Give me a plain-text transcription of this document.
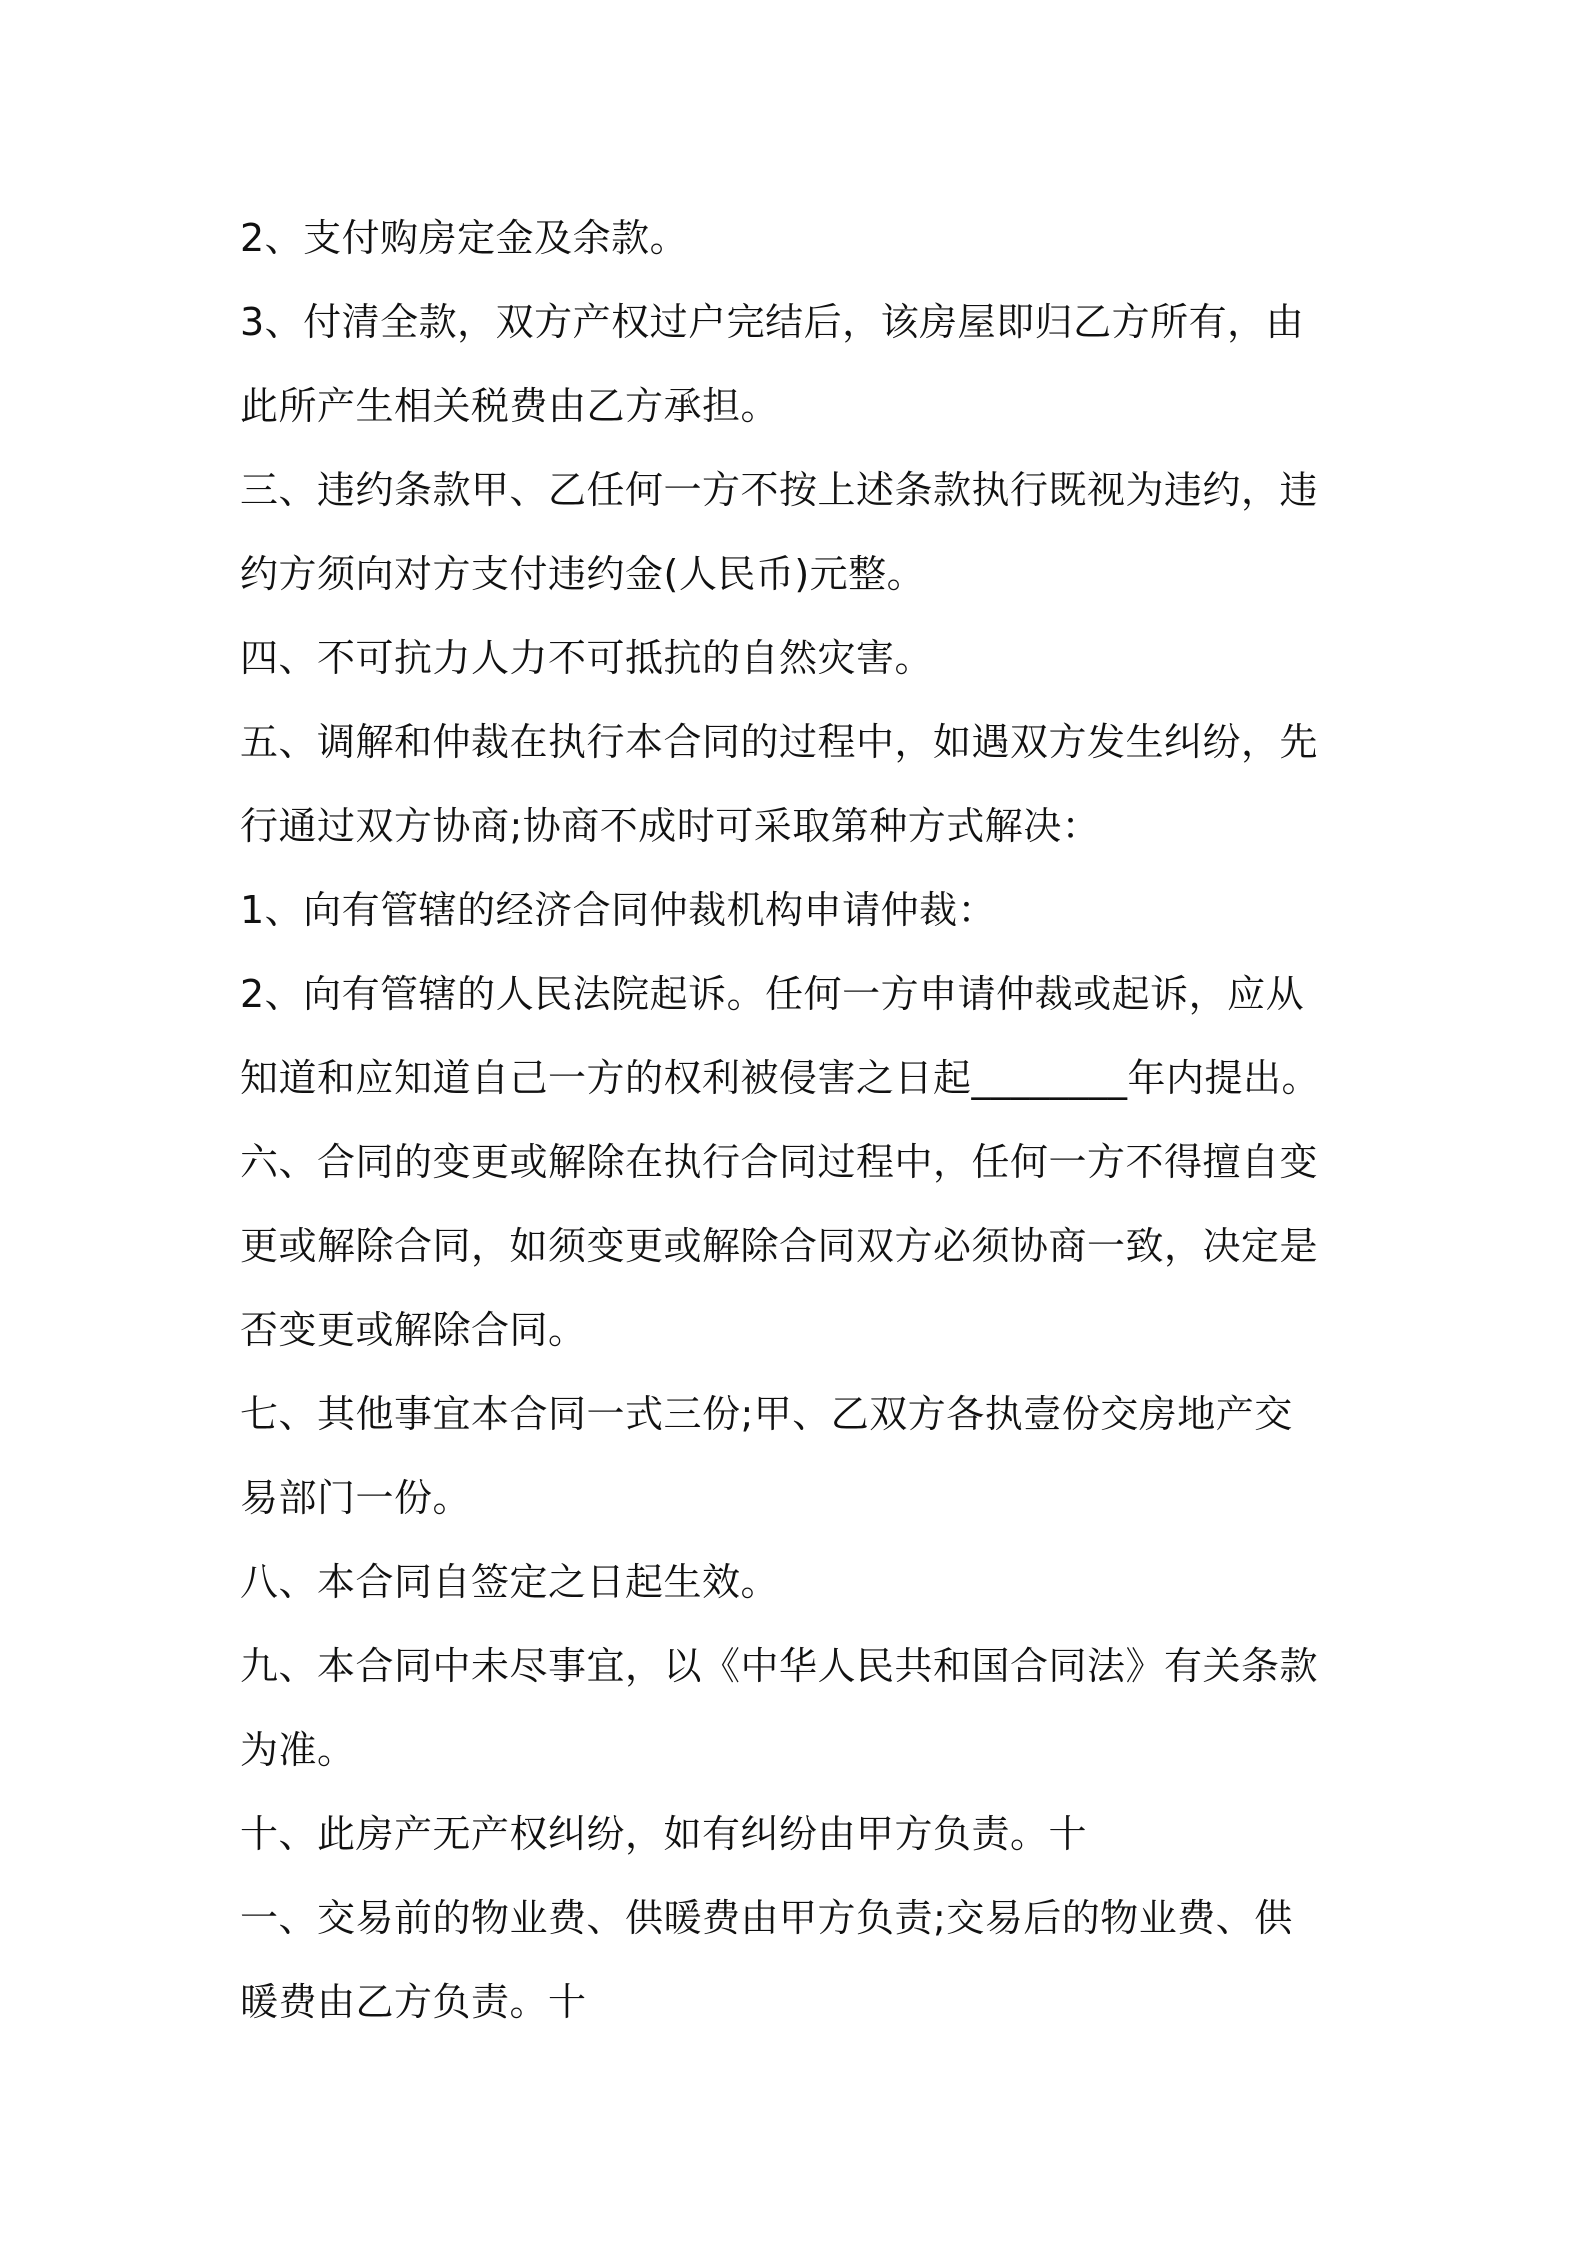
2、支付购房定金及余款。
3、付清全款，双方产权过户完结后，该房屋即归乙方所有，由
此所产生相关税费由乙方承担。
三、违约条款甲、乙任何一方不按上述条款执行既视为违约，违
约方须向对方支付违约金(人民币)元整。
四、不可抗力人力不可抵抗的自然灾害。
五、调解和仲裁在执行本合同的过程中，如遇双方发生纠纷，先
行通过双方协商;协商不成时可采取第种方式解决：
1、向有管辖的经济合同仲裁机构申请仲裁：
2、向有管辖的人民法院起诉。任何一方申请仲裁或起诉，应从
知道和应知道自己一方的权利被侵害之日起________年内提出。
六、合同的变更或解除在执行合同过程中，任何一方不得擅自变
更或解除合同，如须变更或解除合同双方必须协商一致，决定是
否变更或解除合同。
七、其他事宜本合同一式三份;甲、乙双方各执壹份交房地产交
易部门一份。
八、本合同自签定之日起生效。
九、本合同中未尽事宜，以《中华人民共和国合同法》有关条款
为准。
十、此房产无产权纠纷，如有纠纷由甲方负责。十
一、交易前的物业费、供暖费由甲方负责;交易后的物业费、供
暖费由乙方负责。十
